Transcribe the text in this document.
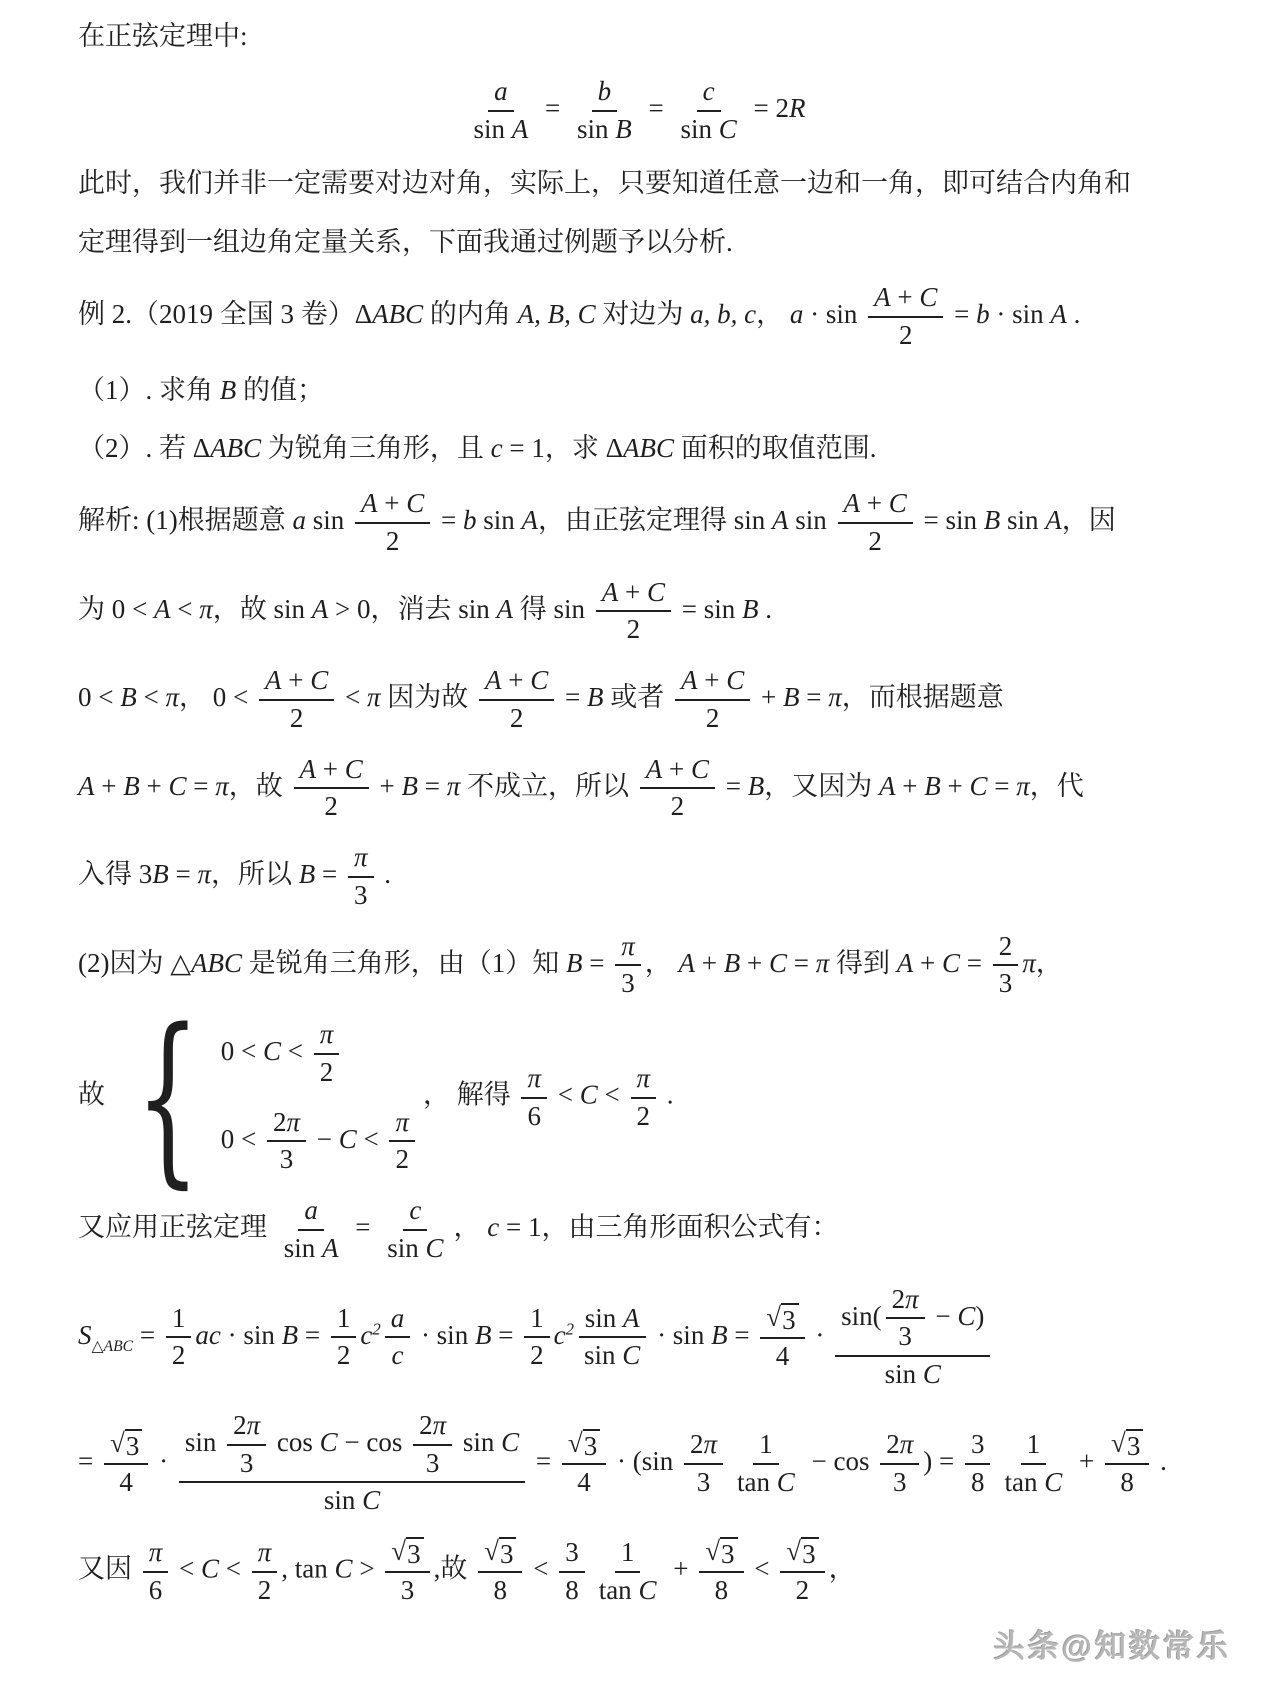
在正弦定理中:
$\frac{a}{\text{sin A}} = \frac{b}{\text{sin B}} = \frac{c}{\text{sin C}} = 2R$
此时，我们并非一定需要对边对角，实际上，只要知道任意一边和一角，即可结合内角和
定理得到一组边角定量关系，下面我通过例题予以分析.
例 2.（2019 全国 3 卷）ΔABC 的内角 A, B, C 对边为 a, b, c， $a \cdot \sin \frac{A + C}{2} = b \cdot \sin A$ .
（1）. 求角 B 的值；
（2）. 若 ΔABC 为锐角三角形，且 c = 1，求 ΔABC 面积的取值范围.
解析: (1)根据题意 a $\sin \frac{A + C}{2} = b$ sin A，由正弦定理得 sin A $\sin \frac{A + C}{2} = \sin B$ sin A，因
为 0 < A < π，故 sin A > 0，消去 sin A 得 $\sin \frac{A + C}{2} = \sin B$ .
0 < B < π， $0 < \frac{A + C}{2} < \pi$ 因为故 $\frac{A + C}{2} = B$ 或者 $\frac{A + C}{2} + B = \pi$，而根据题意
A + B + C = π，故 $\frac{A + C}{2} + B = \pi$ 不成立，所以 $\frac{A + C}{2} = B$，又因为 A + B + C = π，代
入得 3B = π，所以 $B = \frac{\pi}{3}$ .
(2)因为 △ABC 是锐角三角形，由（1）知 $B = \frac{\pi}{3}$ ， A + B + C = π 得到 $A + C = \frac{2}{3}$ π，
故 { $0 < C < \frac{\pi}{2}$
$0 < \frac{2\pi}{3} - C < \frac{\pi}{2}$
， 解得 $\frac{\pi}{6} < C < \frac{\pi}{2}$ .
又应用正弦定理 $\frac{a}{\text{sin A}} = \frac{c}{\text{sin C}}$ ， c = 1，由三角形面积公式有：
$S_{\triangle ABC} = \frac{1}{2}$ ac · $\sin B = \frac{1}{2} c^2 \frac{a}{c} \cdot \sin B = \frac{1}{2} c^2 \frac{\text{sin A}}{\text{sin C}} \cdot \sin B = \frac{√ 3}{4} \cdot \frac{\sin( \frac{2\pi}{3} - C)}{\text{sin C}}$
= $\frac{√ 3}{4} \cdot \frac{\sin \frac{2\pi}{3} \cos C - \cos \frac{2\pi}{3} \sin C}{\text{sin C}} = \frac{√ 3}{4} \cdot (\sin \frac{2\pi}{3} \frac{1}{\text{tan C}} - \cos \frac{2\pi}{3}$ ) = $\frac{3}{8} \frac{1}{\text{tan C}} + \frac{√ 3}{8}$ .
又因 $\frac{\pi}{6} < C < \frac{\pi}{2}$ , $\tan C > \frac{√ 3}{3}$ ,故 $\frac{√ 3}{8} < \frac{3}{8} \frac{1}{\text{tan C}} + \frac{√ 3}{8} < \frac{√ 3}{2}$ ，
头条@知数常乐
